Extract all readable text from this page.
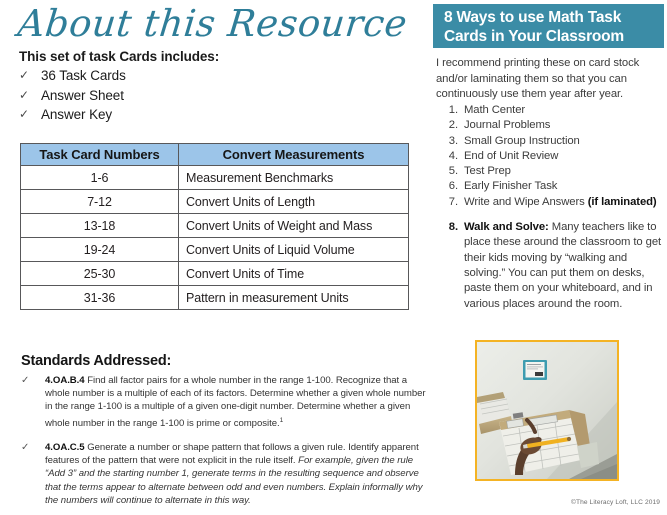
About this Resource
This set of task Cards includes:
✓ 36 Task Cards
✓ Answer Sheet
✓ Answer Key
Task Card Numbers	Convert Measurements
1-6	Measurement Benchmarks
7-12	Convert Units of Length
13-18	Convert Units of Weight and Mass
19-24	Convert Units of Liquid Volume
25-30	Convert Units of Time
31-36	Pattern in measurement Units
Standards Addressed:
✓ 4.OA.B.4 Find all factor pairs for a whole number in the range 1-100. Recognize that a whole number is a multiple of each of its factors. Determine whether a given whole number in the range 1-100 is a multiple of a given one-digit number. Determine whether a given whole number in the range 1-100 is prime or composite.$^1$
✓ 4.OA.C.5 Generate a number or shape pattern that follows a given rule. Identify apparent features of the pattern that were not explicit in the rule itself. For example, given the rule “Add 3” and the starting number 1, generate terms in the resulting sequence and observe that the terms appear to alternate between odd and even numbers. Explain informally why the numbers will continue to alternate in this way.
8 Ways to use Math Task Cards in Your Classroom
I recommend printing these on card stock and/or laminating them so that you can continuously use them year after year.
1. Math Center
2. Journal Problems
3. Small Group Instruction
4. End of Unit Review
5. Test Prep
6. Early Finisher Task
7. Write and Wipe Answers (if laminated)
8. Walk and Solve: Many teachers like to place these around the classroom to get their kids moving by “walking and solving.” You can put them on desks, paste them on your whiteboard, and in various places around the room.
©The Literacy Loft, LLC 2019
